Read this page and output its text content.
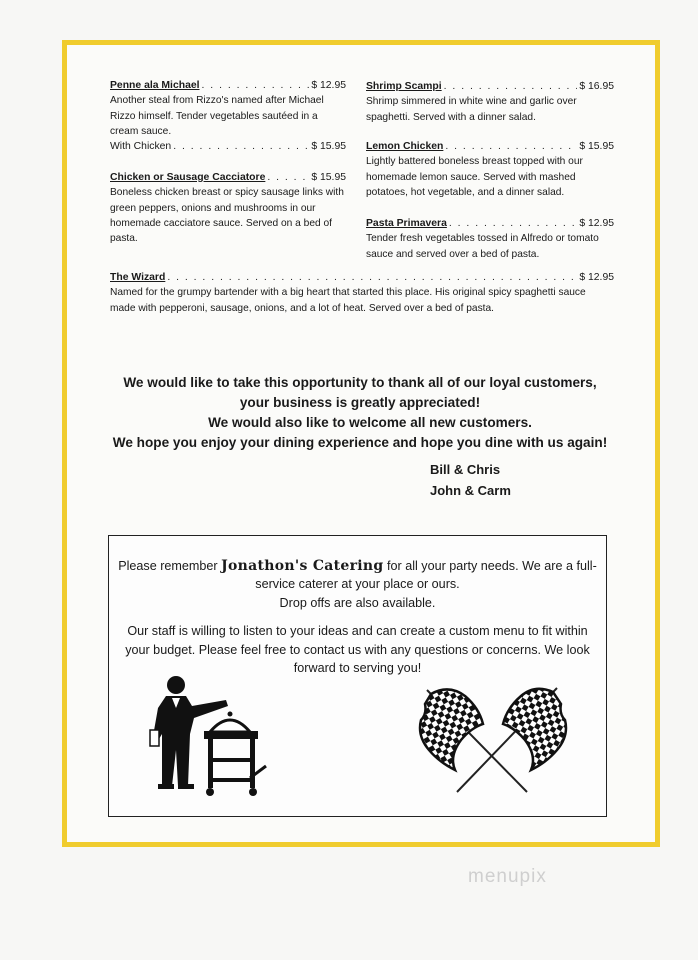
Penne ala Michael . . .	$ 12.95
Another steal from Rizzo's named after Michael Rizzo himself. Tender vegetables sautéed in a cream sauce.
With Chicken . . .	$ 15.95
Shrimp Scampi . . .	$ 16.95
Shrimp simmered in white wine and garlic over spaghetti. Served with a dinner salad.
Lemon Chicken . . .	$ 15.95
Lightly battered boneless breast topped with our homemade lemon sauce. Served with mashed potatoes, hot vegetable, and a dinner salad.
Chicken or Sausage Cacciatore . . .	$ 15.95
Boneless chicken breast or spicy sausage links with green peppers, onions and mushrooms in our homemade cacciatore sauce. Served on a bed of pasta.
Pasta Primavera . . .	$ 12.95
Tender fresh vegetables tossed in Alfredo or tomato sauce and served over a bed of pasta.
The Wizard . . .	$ 12.95
Named for the grumpy bartender with a big heart that started this place. His original spicy spaghetti sauce made with pepperoni, sausage, onions, and a lot of heat. Served over a bed of pasta.
We would like to take this opportunity to thank all of our loyal customers,
your business is greatly appreciated!
We would also like to welcome all new customers.
We hope you enjoy your dining experience and hope you dine with us again!
Bill & Chris
John & Carm

Please remember Jonathon's Catering for all your party needs. We are a full-service caterer at your place or ours.

Drop offs are also available.

Our staff is willing to listen to your ideas and can create a custom menu to fit within your budget. Please feel free to contact us with any questions or concerns. We look forward to serving you!

menupix
